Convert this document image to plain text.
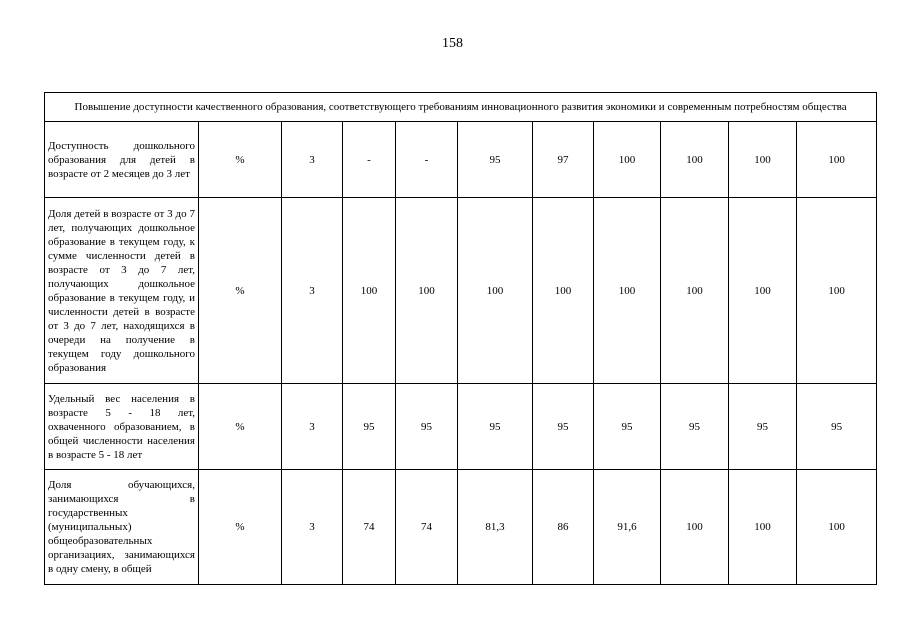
158
Повышение доступности качественного образования, соответствующего требованиям инновационного развития экономики и современным потребностям общества										

Доступность дошкольного образования для детей в возрасте от 2 месяцев до 3 лет	%	3	-	-	95	97	100	100	100	100

Доля детей в возрасте от 3 до 7 лет, получающих дошкольное образование в текущем году, к сумме численности детей в возрасте от 3 до 7 лет, получающих дошкольное образование в текущем году, и численности детей в возрасте от 3 до 7 лет, находящихся в очереди на получение в текущем году дошкольного образования	%	3	100	100	100	100	100	100	100	100

Удельный вес населения в возрасте 5 - 18 лет, охваченного образованием, в общей численности населения в возрасте 5 - 18 лет	%	3	95	95	95	95	95	95	95	95

Доля обучающихся, занимающихся в государственных (муниципальных) общеобразовательных организациях, занимающихся в одну смену, в общей	%	3	74	74	81,3	86	91,6	100	100	100
